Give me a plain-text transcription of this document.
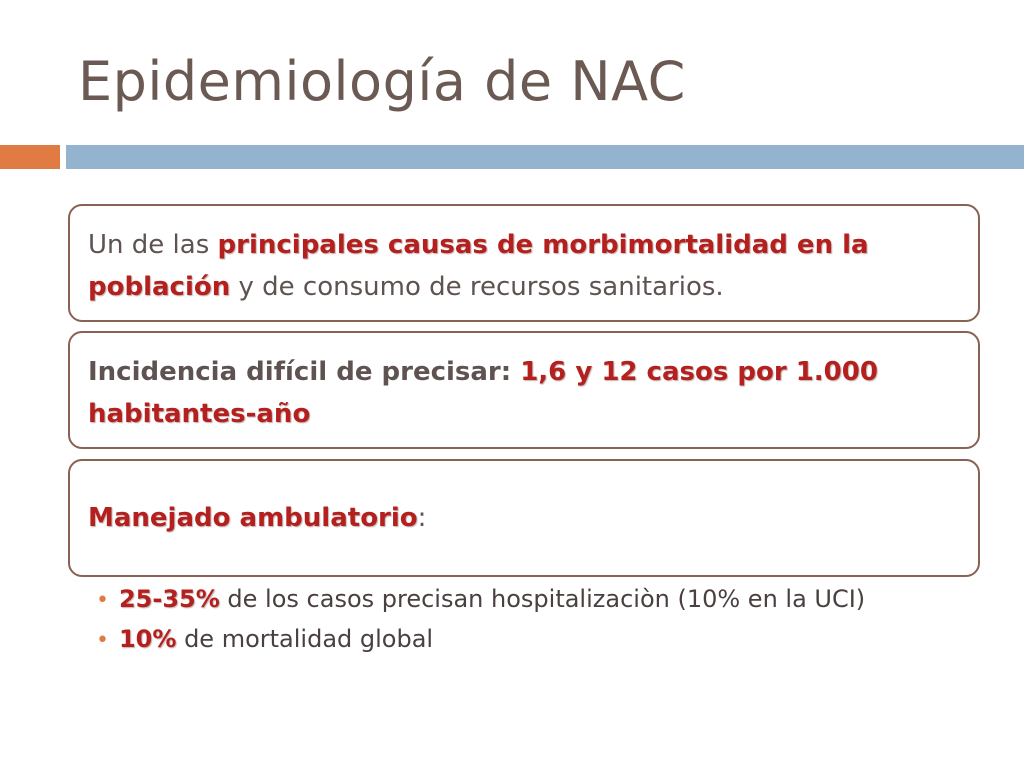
Epidemiología de NAC
Un de las principales causas de morbimortalidad en la población y de consumo de recursos sanitarios.
Incidencia difícil de precisar: 1,6 y 12 casos por 1.000 habitantes-año
Manejado ambulatorio:
• 25-35% de los casos precisan hospitalizaciòn (10% en la UCI)
• 10% de mortalidad global
